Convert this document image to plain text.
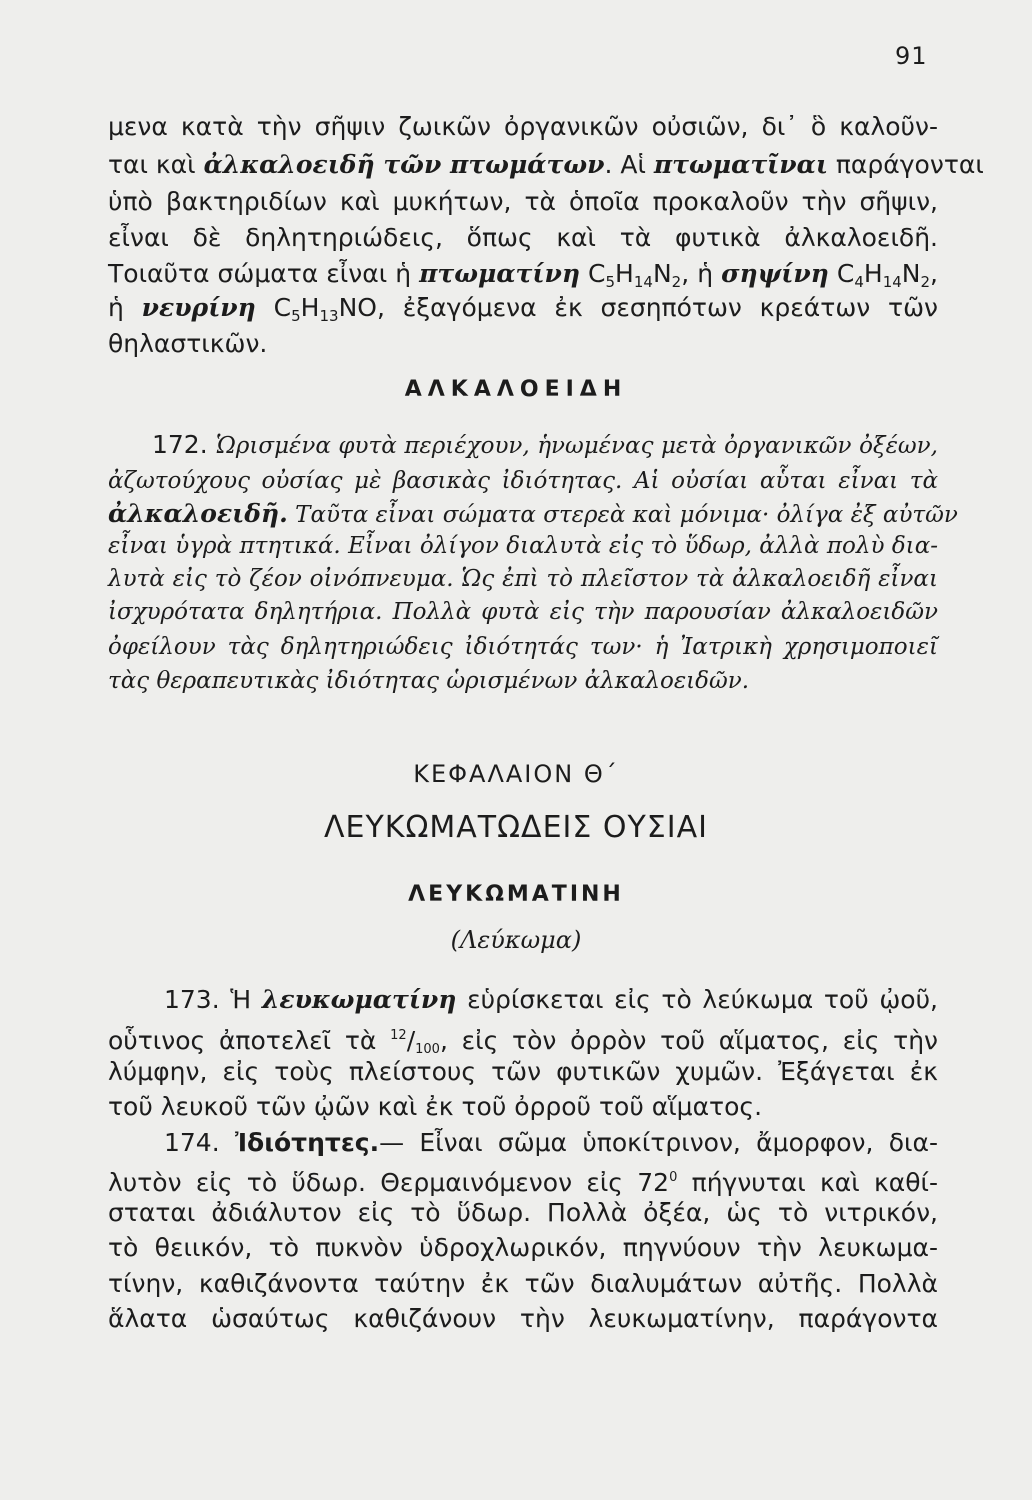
91
μενα κατὰ τὴν σῆψιν ζωικῶν ὀργανικῶν οὐσιῶν, δι᾽ ὃ καλοῦν-
ται καὶ ἀλκαλοειδῆ τῶν πτωμάτων. Αἱ πτωματῖναι παράγονται
ὑπὸ βακτηριδίων καὶ μυκήτων, τὰ ὁποῖα προκαλοῦν τὴν σῆψιν,
εἶναι δὲ δηλητηριώδεις, ὅπως καὶ τὰ φυτικὰ ἀλκαλοειδῆ.
Τοιαῦτα σώματα εἶναι ἡ πτωματίνη $C_5H_{14}N_2$, ἡ σηψίνη $C_4H_{14}N_2$,
ἡ νευρίνη $C_5H_{13}NO$, ἐξαγόμενα ἐκ σεσηπότων κρεάτων τῶν
θηλαστικῶν.
ΑΛΚΑΛΟΕΙΔΗ
172. Ὡρισμένα φυτὰ περιέχουν, ἡνωμένας μετὰ ὀργανικῶν ὀξέων,
ἀζωτούχους οὐσίας μὲ βασικὰς ἰδιότητας. Αἱ οὐσίαι αὗται εἶναι τὰ
ἀλκαλοειδῆ. Ταῦτα εἶναι σώματα στερεὰ καὶ μόνιμα· ὀλίγα ἐξ αὐτῶν
εἶναι ὑγρὰ πτητικά. Εἶναι ὀλίγον διαλυτὰ εἰς τὸ ὕδωρ, ἀλλὰ πολὺ δια-
λυτὰ εἰς τὸ ζέον οἰνόπνευμα. Ὡς ἐπὶ τὸ πλεῖστον τὰ ἀλκαλοειδῆ εἶναι
ἰσχυρότατα δηλητήρια. Πολλὰ φυτὰ εἰς τὴν παρουσίαν ἀλκαλοειδῶν
ὀφείλουν τὰς δηλητηριώδεις ἰδιότητάς των· ἡ Ἰατρικὴ χρησιμοποιεῖ
τὰς θεραπευτικὰς ἰδιότητας ὡρισμένων ἀλκαλοειδῶν.
ΚΕΦΑΛΑΙΟΝ Θ΄
ΛΕΥΚΩΜΑΤΩΔΕΙΣ ΟΥΣΙΑΙ
ΛΕΥΚΩΜΑΤΙΝΗ
(Λεύκωμα)
173. Ἡ λευκωματίνη εὑρίσκεται εἰς τὸ λεύκωμα τοῦ ᾠοῦ,
οὗτινος ἀποτελεῖ τὰ $^{12}$/100, εἰς τὸν ὀρρὸν τοῦ αἵματος, εἰς τὴν
λύμφην, εἰς τοὺς πλείστους τῶν φυτικῶν χυμῶν. Ἐξάγεται ἐκ
τοῦ λευκοῦ τῶν ᾠῶν καὶ ἐκ τοῦ ὀρροῦ τοῦ αἵματος.
174. Ἰδιότητες.— Εἶναι σῶμα ὑποκίτρινον, ἄμορφον, δια-
λυτὸν εἰς τὸ ὕδωρ. Θερμαινόμενον εἰς $72^0$ πήγνυται καὶ καθί-
σταται ἀδιάλυτον εἰς τὸ ὕδωρ. Πολλὰ ὀξέα, ὡς τὸ νιτρικόν,
τὸ θειικόν, τὸ πυκνὸν ὑδροχλωρικόν, πηγνύουν τὴν λευκωμα-
τίνην, καθιζάνοντα ταύτην ἐκ τῶν διαλυμάτων αὐτῆς. Πολλὰ
ἅλατα ὡσαύτως καθιζάνουν τὴν λευκωματίνην, παράγοντα
